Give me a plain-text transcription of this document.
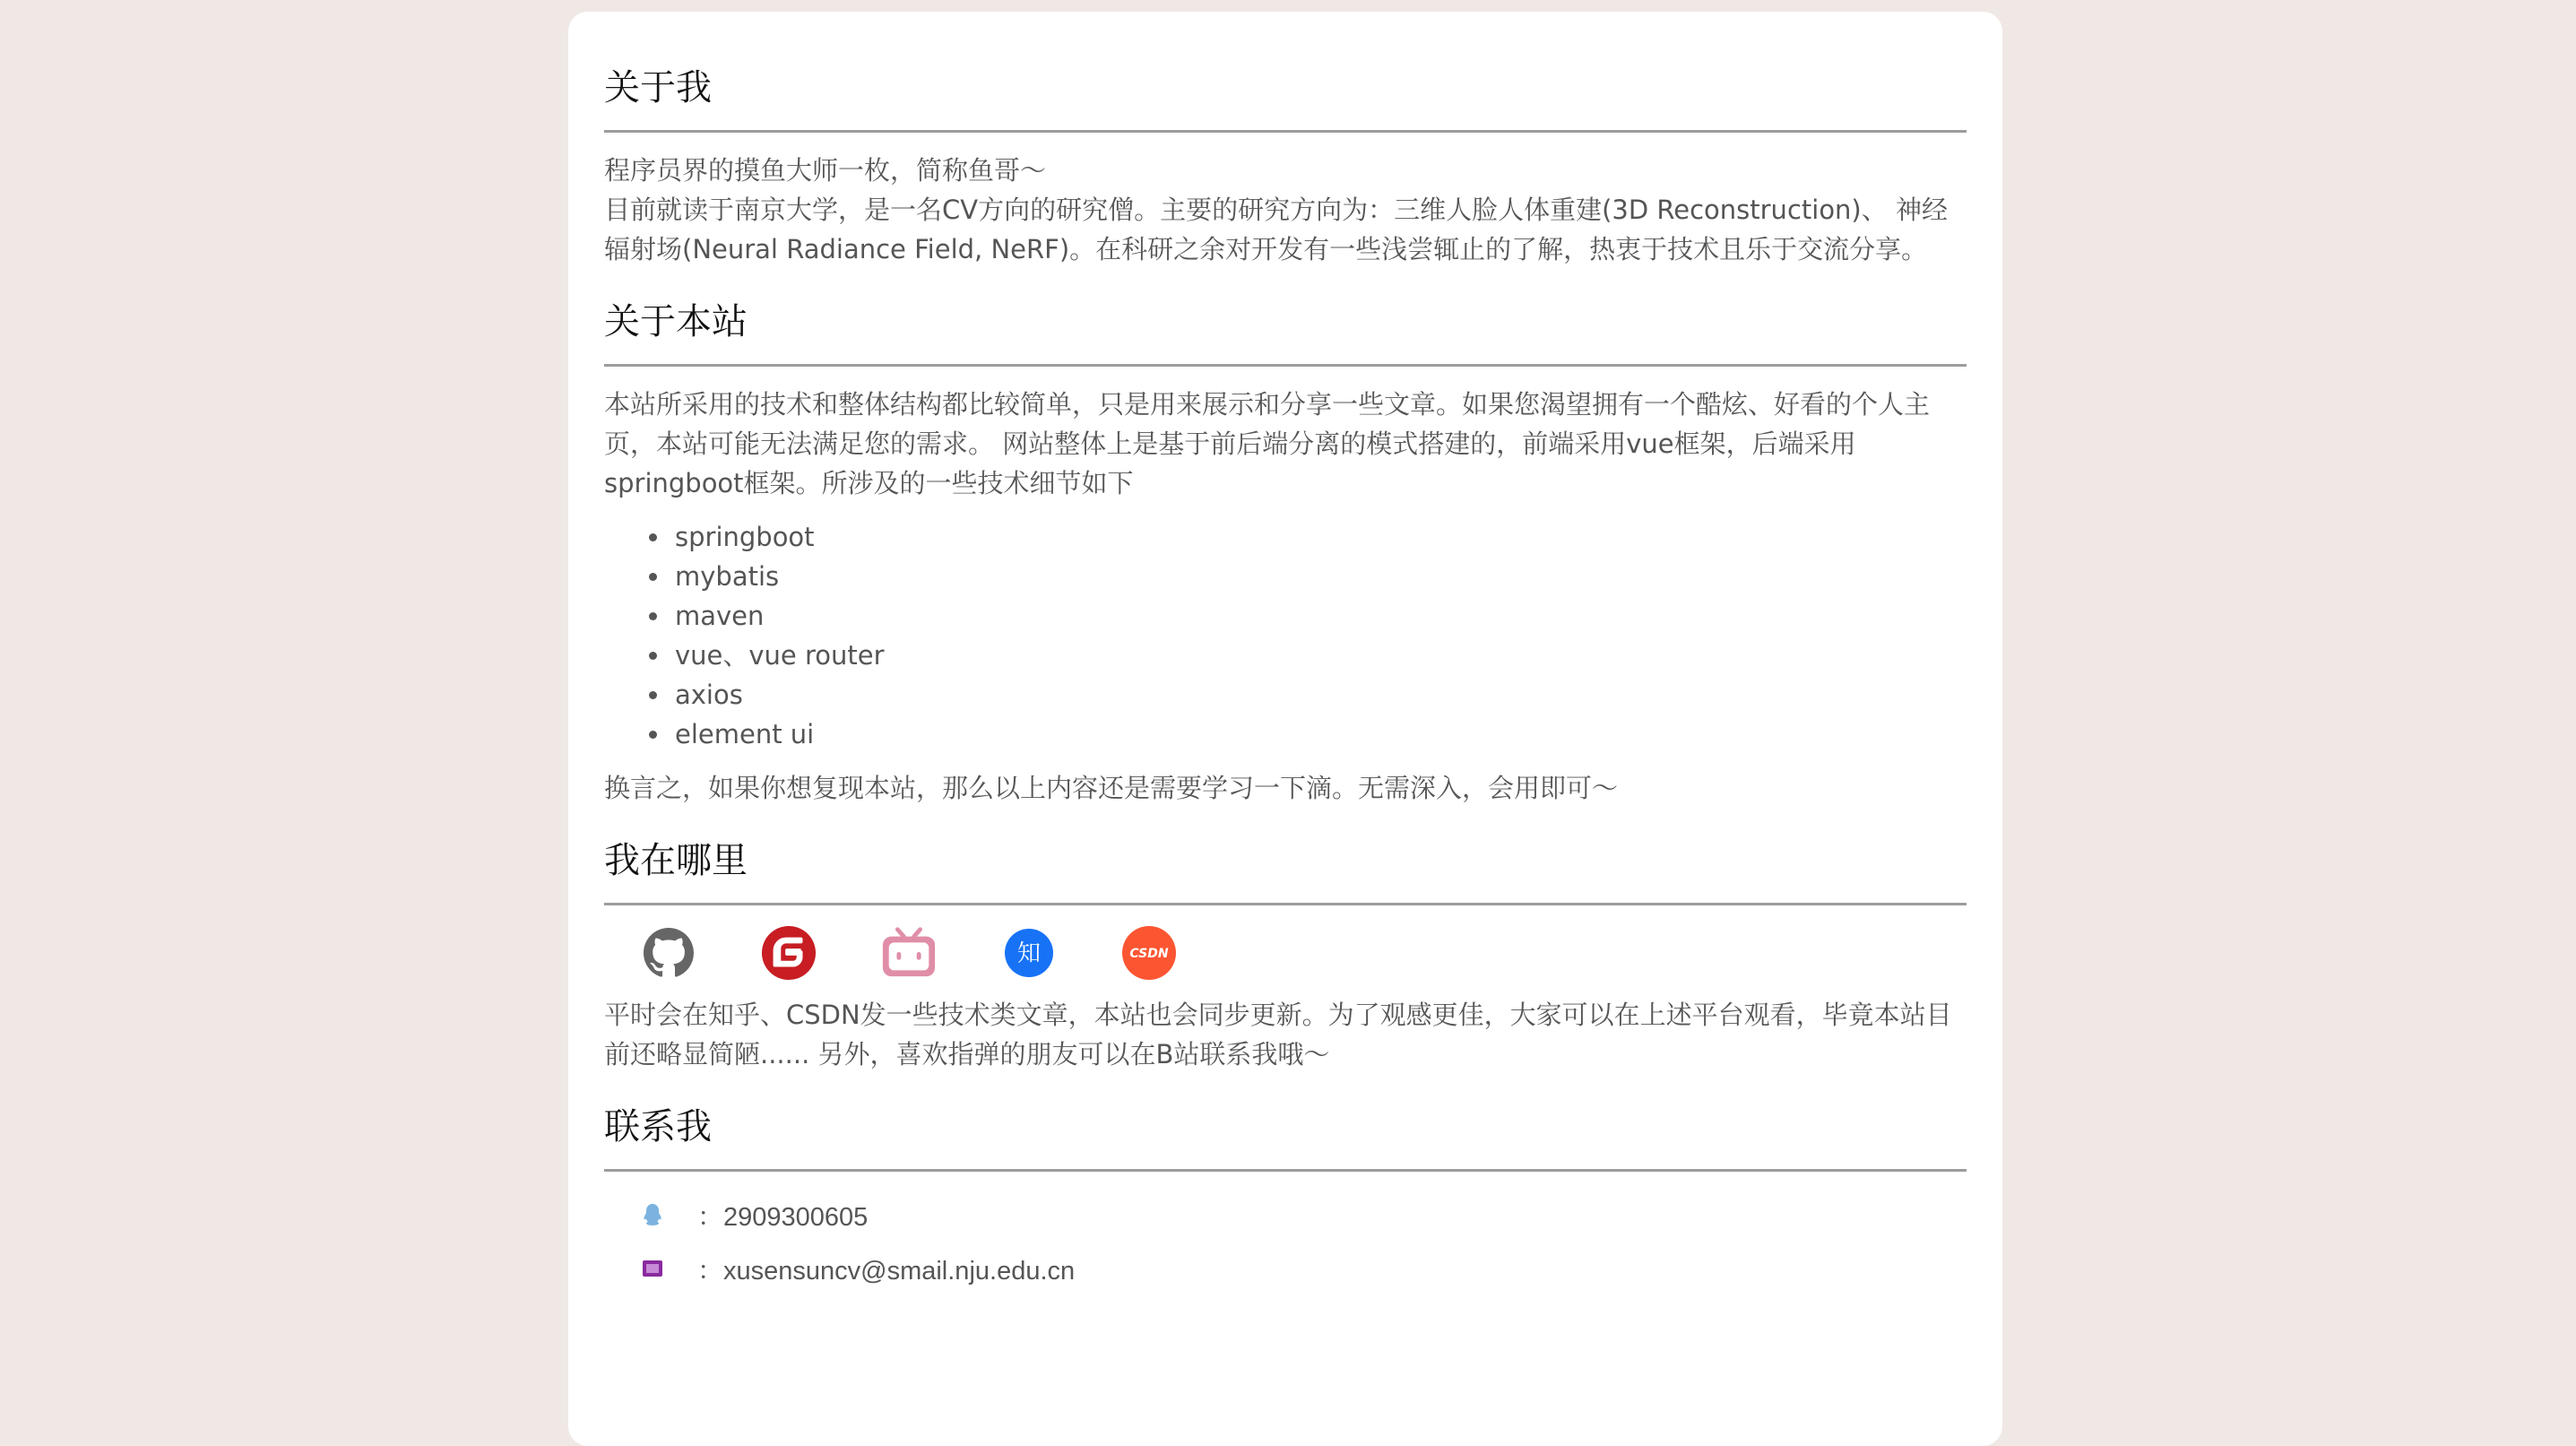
关于我

程序员界的摸鱼大师一枚，简称鱼哥～

目前就读于南京大学，是一名CV方向的研究僧。主要的研究方向为：三维人脸人体重建(3D Reconstruction)、 神经辐射场(Neural Radiance Field, NeRF)。在科研之余对开发有一些浅尝辄止的了解，热衷于技术且乐于交流分享。

关于本站

本站所采用的技术和整体结构都比较简单，只是用来展示和分享一些文章。如果您渴望拥有一个酷炫、好看的个人主页，本站可能无法满足您的需求。 网站整体上是基于前后端分离的模式搭建的，前端采用vue框架，后端采用springboot框架。所涉及的一些技术细节如下

springboot
mybatis
maven
vue、vue router
axios
element ui

换言之，如果你想复现本站，那么以上内容还是需要学习一下滴。无需深入，会用即可～

我在哪里
知	CSDN

平时会在知乎、CSDN发一些技术类文章，本站也会同步更新。为了观感更佳，大家可以在上述平台观看，毕竟本站目前还略显简陋...... 另外，喜欢指弹的朋友可以在B站联系我哦～

联系我
：2909300605
：xusensuncv@smail.nju.edu.cn
